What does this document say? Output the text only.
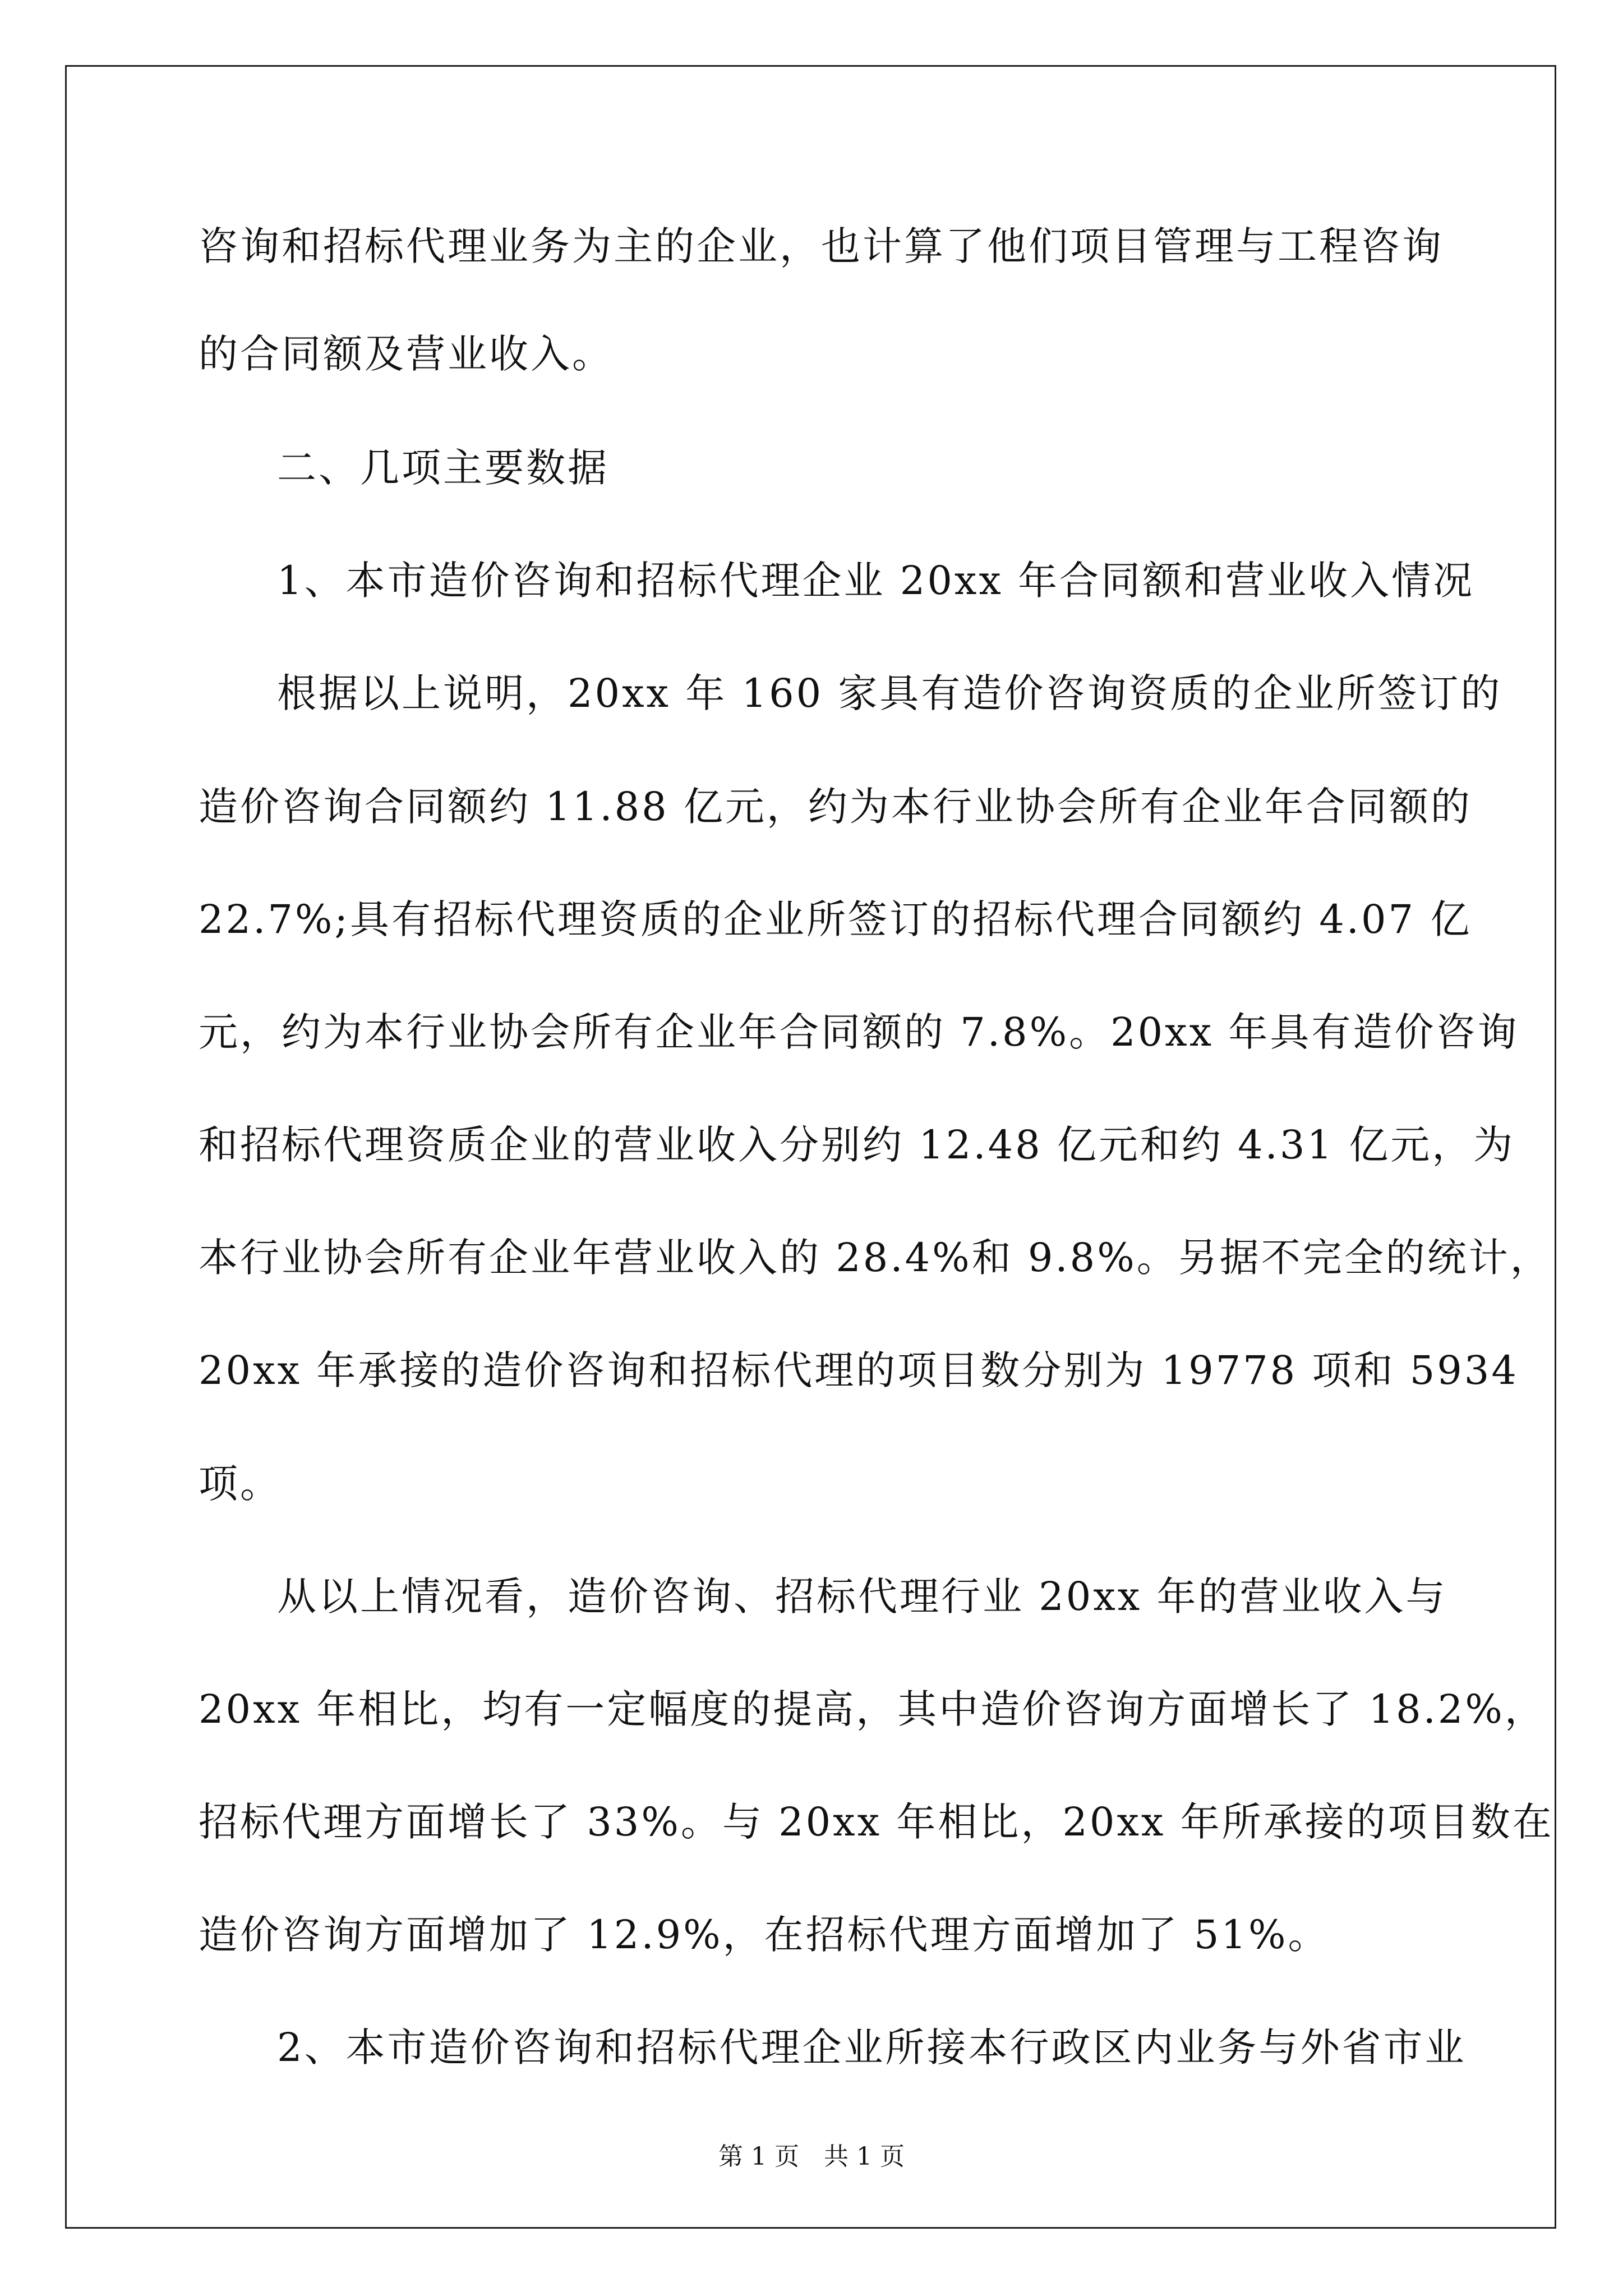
咨询和招标代理业务为主的企业，也计算了他们项目管理与工程咨询
的合同额及营业收入。
二、几项主要数据
1、本市造价咨询和招标代理企业 20xx 年合同额和营业收入情况
根据以上说明，20xx 年 160 家具有造价咨询资质的企业所签订的
造价咨询合同额约 11.88 亿元，约为本行业协会所有企业年合同额的
22.7%;具有招标代理资质的企业所签订的招标代理合同额约 4.07 亿
元，约为本行业协会所有企业年合同额的 7.8%。20xx 年具有造价咨询
和招标代理资质企业的营业收入分别约 12.48 亿元和约 4.31 亿元，为
本行业协会所有企业年营业收入的 28.4%和 9.8%。另据不完全的统计，
20xx 年承接的造价咨询和招标代理的项目数分别为 19778 项和 5934
项。
从以上情况看，造价咨询、招标代理行业 20xx 年的营业收入与
20xx 年相比，均有一定幅度的提高，其中造价咨询方面增长了 18.2%，
招标代理方面增长了 33%。与 20xx 年相比，20xx 年所承接的项目数在
造价咨询方面增加了 12.9%，在招标代理方面增加了 51%。
2、本市造价咨询和招标代理企业所接本行政区内业务与外省市业
第 1 页　共 1 页
